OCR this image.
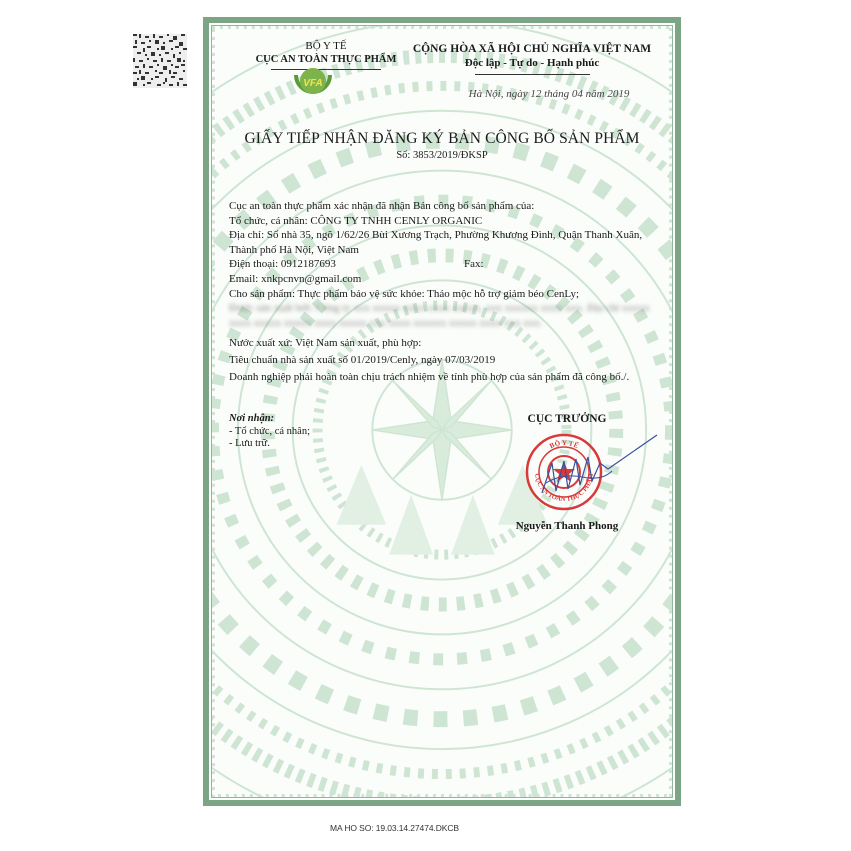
BỘ Y TẾ
CỤC AN TOÀN THỰC PHẨM
VFA
CỘNG HÒA XÃ HỘI CHỦ NGHĨA VIỆT NAM
Độc lập - Tự do - Hạnh phúc
Hà Nội, ngày 12 tháng 04 năm 2019
GIẤY TIẾP NHẬN ĐĂNG KÝ BẢN CÔNG BỐ SẢN PHẨM
Số: 3853/2019/ĐKSP
Cục an toàn thực phẩm xác nhận đã nhận Bản công bố sản phẩm của:
Tổ chức, cá nhân: CÔNG TY TNHH CENLY ORGANIC
Địa chỉ: Số nhà 35, ngõ 1/62/26 Bùi Xương Trạch, Phường Khương Đình, Quận Thanh Xuân, Thành phố Hà Nội, Việt Nam
Điện thoại: 0912187693	Fax:
Email: xnkpcnvn@gmail.com
Cho sản phẩm: Thực phẩm bảo vệ sức khỏe: Thảo mộc hỗ trợ giảm béo CenLy;
Được sản xuất bởi: Công ty xxx xxxxx xxxx xxxx xxxxx, xxx xxxxxx xxxx xxx. Địa chỉ xxxxx xxxx xxxxx xxxxx xxxx xxxxx xxx xxxx xxxxxx xxxxx xxxx xxx xxx.
Nước xuất xứ: Việt Nam sản xuất, phù hợp:
Tiêu chuẩn nhà sản xuất số 01/2019/Cenly, ngày 07/03/2019
Doanh nghiệp phải hoàn toàn chịu trách nhiệm về tính phù hợp của sản phẩm đã công bố./.
Nơi nhận:
- Tổ chức, cá nhân;
- Lưu trữ.
CỤC TRƯỞNG
BỘ Y TẾ
CỤC AN TOÀN THỰC PHẨM
Nguyễn Thanh Phong
MA HO SO: 19.03.14.27474.DKCB
